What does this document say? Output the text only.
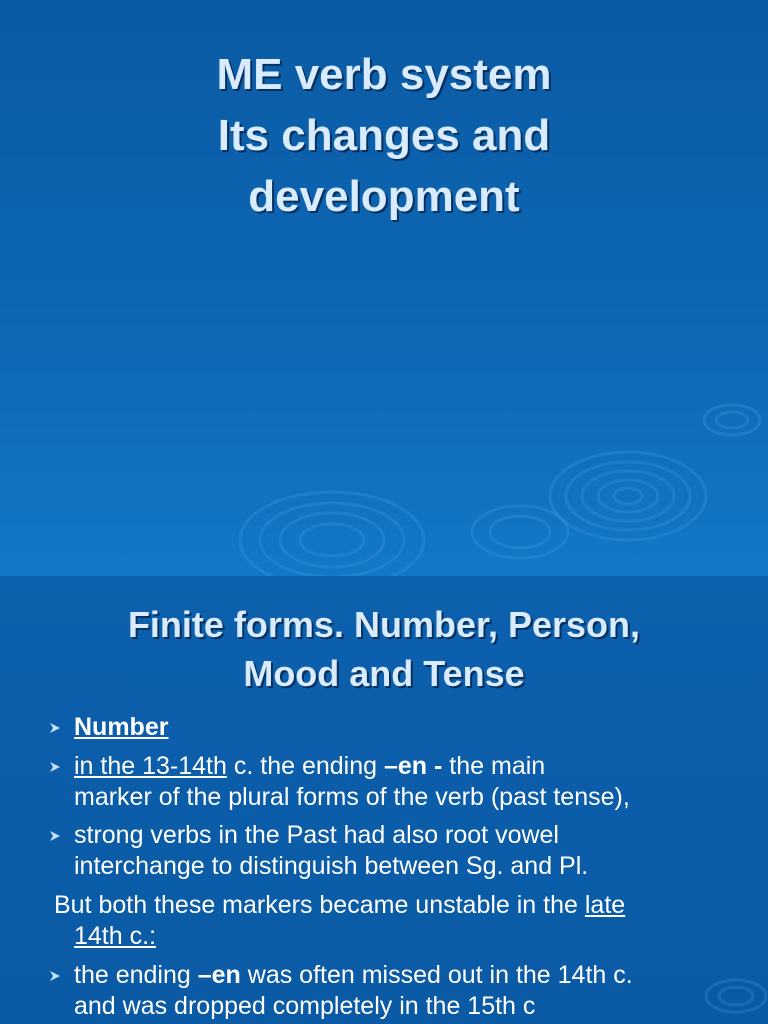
ME verb system
Its changes and
development
Finite forms. Number, Person,
Mood and Tense

Number

in the 13-14th c. the ending –en - the main

marker of the plural forms of the verb (past tense),

strong verbs in the Past had also root vowel

interchange to distinguish between Sg. and Pl.

But both these markers became unstable in the late

14th c.:

the ending –en was often missed out in the 14th c.

and was dropped completely in the 15th c
